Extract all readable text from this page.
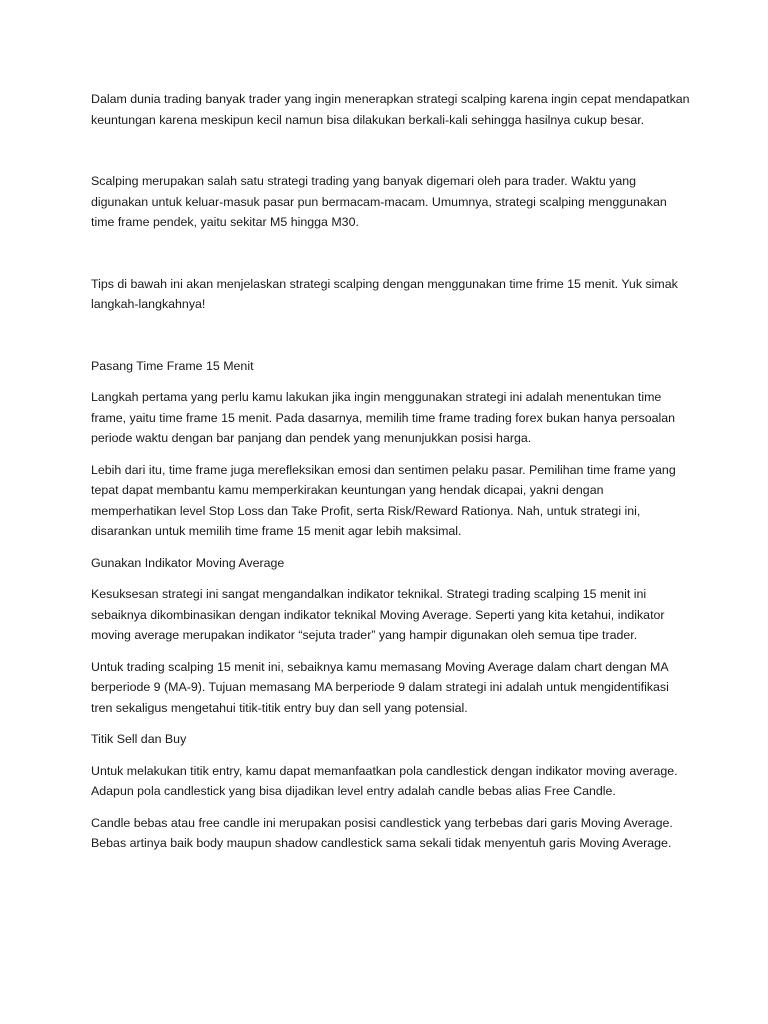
Dalam dunia trading banyak trader yang ingin menerapkan strategi scalping karena ingin cepat mendapatkan keuntungan karena meskipun kecil namun bisa dilakukan berkali-kali sehingga hasilnya cukup besar.

Scalping merupakan salah satu strategi trading yang banyak digemari oleh para trader. Waktu yang digunakan untuk keluar-masuk pasar pun bermacam-macam. Umumnya, strategi scalping menggunakan time frame pendek, yaitu sekitar M5 hingga M30.

Tips di bawah ini akan menjelaskan strategi scalping dengan menggunakan time frime 15 menit. Yuk simak langkah-langkahnya!

Pasang Time Frame 15 Menit

Langkah pertama yang perlu kamu lakukan jika ingin menggunakan strategi ini adalah menentukan time frame, yaitu time frame 15 menit. Pada dasarnya, memilih time frame trading forex bukan hanya persoalan periode waktu dengan bar panjang dan pendek yang menunjukkan posisi harga.

Lebih dari itu, time frame juga merefleksikan emosi dan sentimen pelaku pasar. Pemilihan time frame yang tepat dapat membantu kamu memperkirakan keuntungan yang hendak dicapai, yakni dengan memperhatikan level Stop Loss dan Take Profit, serta Risk/Reward Rationya. Nah, untuk strategi ini, disarankan untuk memilih time frame 15 menit agar lebih maksimal.

Gunakan Indikator Moving Average

Kesuksesan strategi ini sangat mengandalkan indikator teknikal. Strategi trading scalping 15 menit ini sebaiknya dikombinasikan dengan indikator teknikal Moving Average. Seperti yang kita ketahui, indikator moving average merupakan indikator “sejuta trader” yang hampir digunakan oleh semua tipe trader.

Untuk trading scalping 15 menit ini, sebaiknya kamu memasang Moving Average dalam chart dengan MA berperiode 9 (MA-9). Tujuan memasang MA berperiode 9 dalam strategi ini adalah untuk mengidentifikasi tren sekaligus mengetahui titik-titik entry buy dan sell yang potensial.

Titik Sell dan Buy

Untuk melakukan titik entry, kamu dapat memanfaatkan pola candlestick dengan indikator moving average. Adapun pola candlestick yang bisa dijadikan level entry adalah candle bebas alias Free Candle.

Candle bebas atau free candle ini merupakan posisi candlestick yang terbebas dari garis Moving Average. Bebas artinya baik body maupun shadow candlestick sama sekali tidak menyentuh garis Moving Average.
